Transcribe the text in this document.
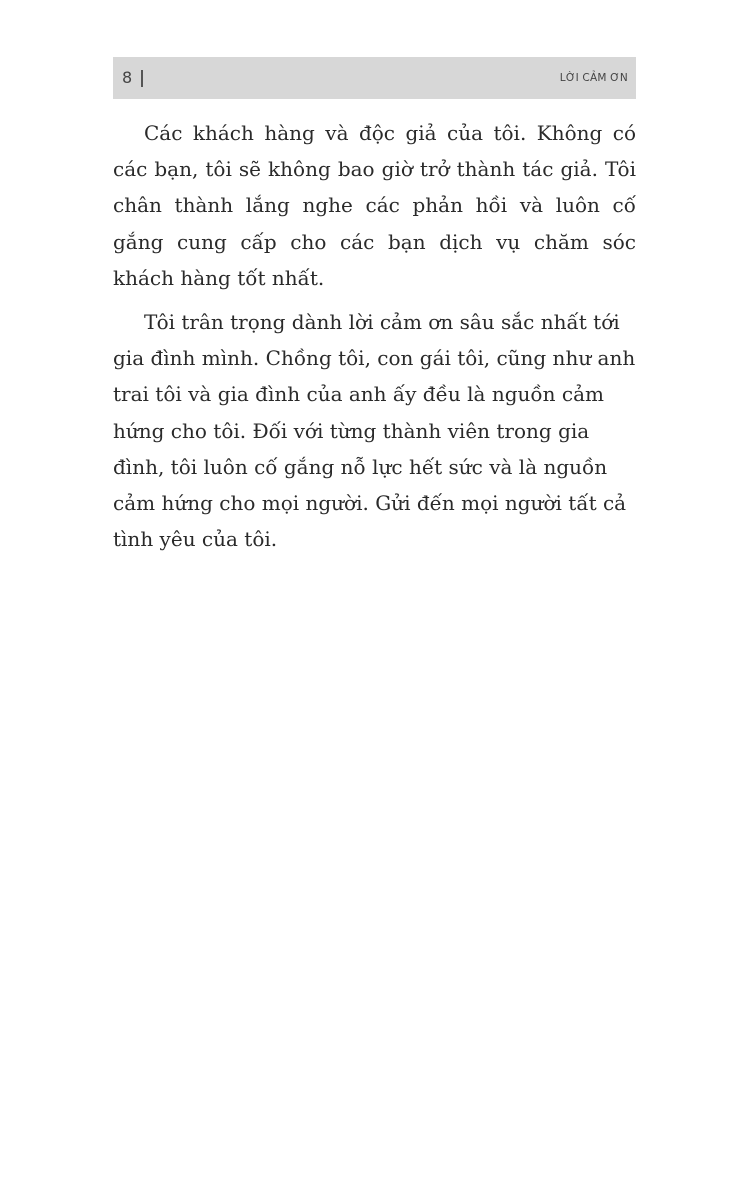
8	LỜI CẢM ƠN

Các khách hàng và độc giả của tôi. Không có các bạn, tôi sẽ không bao giờ trở thành tác giả. Tôi chân thành lắng nghe các phản hồi và luôn cố gắng cung cấp cho các bạn dịch vụ chăm sóc khách hàng tốt nhất.

Tôi trân trọng dành lời cảm ơn sâu sắc nhất tới gia đình mình. Chồng tôi, con gái tôi, cũng như anh trai tôi và gia đình của anh ấy đều là nguồn cảm hứng cho tôi. Đối với từng thành viên trong gia đình, tôi luôn cố gắng nỗ lực hết sức và là nguồn cảm hứng cho mọi người. Gửi đến mọi người tất cả tình yêu của tôi.
